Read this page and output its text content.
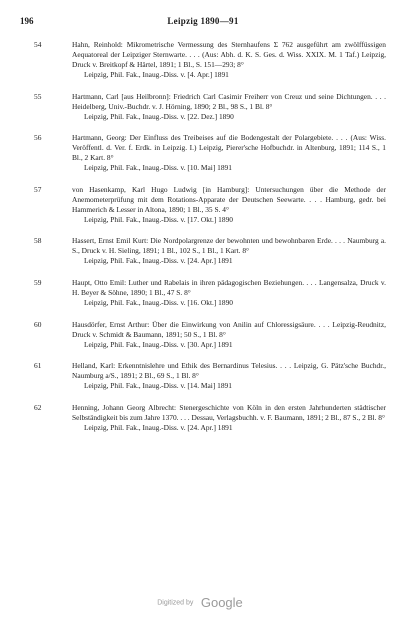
196	Leipzig 1890—91
54	Hahn, Reinhold: Mikrometrische Vermessung des Sternhaufens Σ 762 ausgeführt am zwölffüssigen Aequatoreal der Leipziger Sternwarte. . . . (Aus: Abh. d. K. S. Ges. d. Wiss. XXIX. M. 1 Taf.) Leipzig, Druck v. Breitkopf & Härtel, 1891; 1 Bl., S. 151—293; 8°
Leipzig, Phil. Fak., Inaug.-Diss. v. [4. Apr.] 1891
55	Hartmann, Carl [aus Heilbronn]: Friedrich Carl Casimir Freiherr von Creuz und seine Dichtungen. . . . Heidelberg, Univ.-Buchdr. v. J. Hörning, 1890; 2 Bl., 98 S., 1 Bl. 8°
Leipzig, Phil. Fak., Inaug.-Diss. v. [22. Dez.] 1890
56	Hartmann, Georg: Der Einfluss des Treibeises auf die Bodengestalt der Polargebiete. . . . (Aus: Wiss. Veröffentl. d. Ver. f. Erdk. in Leipzig. I.) Leipzig, Pierer'sche Hofbuchdr. in Altenburg, 1891; 114 S., 1 Bl., 2 Kart. 8°
Leipzig, Phil. Fak., Inaug.-Diss. v. [10. Mai] 1891
57	von Hasenkamp, Karl Hugo Ludwig [in Hamburg]: Untersuchungen über die Methode der Anemometerprüfung mit dem Rotations-Apparate der Deutschen Seewarte. . . . Hamburg, gedr. bei Hammerich & Lesser in Altona, 1890; 1 Bl., 35 S. 4°
Leipzig, Phil. Fak., Inaug.-Diss. v. [17. Okt.] 1890
58	Hassert, Ernst Emil Kurt: Die Nordpolargrenze der bewohnten und bewohnbaren Erde. . . . Naumburg a. S., Druck v. H. Sieling, 1891; 1 Bl., 102 S., 1 Bl., 1 Kart. 8°
Leipzig, Phil. Fak., Inaug.-Diss. v. [24. Apr.] 1891
59	Haupt, Otto Emil: Luther und Rabelais in ihren pädagogischen Beziehungen. . . . Langensalza, Druck v. H. Beyer & Söhne, 1890; 1 Bl., 47 S. 8°
Leipzig, Phil. Fak., Inaug.-Diss. v. [16. Okt.] 1890
60	Hausdörfer, Ernst Arthur: Über die Einwirkung von Anilin auf Chloressigsäure. . . . Leipzig-Reudnitz, Druck v. Schmidt & Baumann, 1891; 50 S., 1 Bl. 8°
Leipzig, Phil. Fak., Inaug.-Diss. v. [30. Apr.] 1891
61	Helland, Karl: Erkenntnislehre und Ethik des Bernardinus Telesius. . . . Leipzig, G. Pätz'sche Buchdr., Naumburg a/S., 1891; 2 Bl., 69 S., 1 Bl. 8°
Leipzig, Phil. Fak., Inaug.-Diss. v. [14. Mai] 1891
62	Henning, Johann Georg Albrecht: Stenergeschichte von Köln in den ersten Jahrhunderten städtischer Selbständigkeit bis zum Jahre 1370. . . . Dessau, Verlagsbuchh. v. F. Baumann, 1891; 2 Bl., 87 S., 2 Bl. 8°
Leipzig, Phil. Fak., Inaug.-Diss. v. [24. Apr.] 1891
Digitized by Google
